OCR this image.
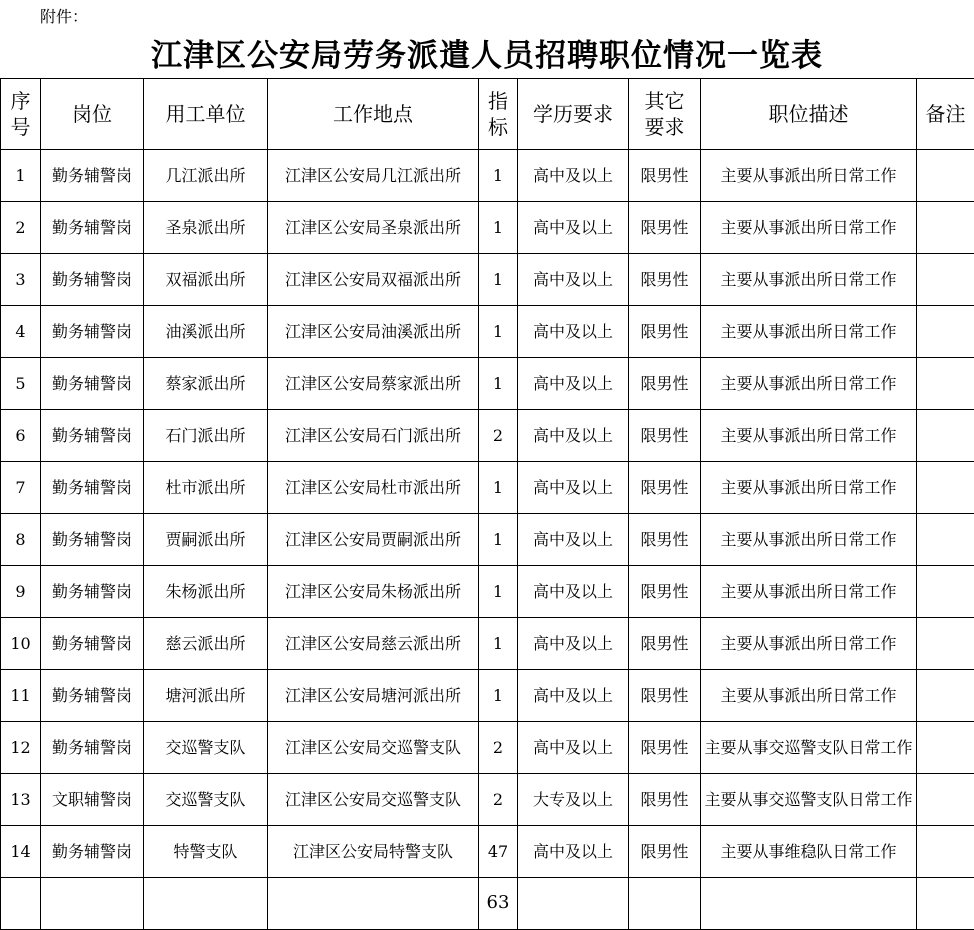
附件：
江津区公安局劳务派遣人员招聘职位情况一览表
序号	岗位	用工单位	工作地点	指标	学历要求	其它要求	职位描述	备注
1	勤务辅警岗	几江派出所	江津区公安局几江派出所	1	高中及以上	限男性	主要从事派出所日常工作	
2	勤务辅警岗	圣泉派出所	江津区公安局圣泉派出所	1	高中及以上	限男性	主要从事派出所日常工作	
3	勤务辅警岗	双福派出所	江津区公安局双福派出所	1	高中及以上	限男性	主要从事派出所日常工作	
4	勤务辅警岗	油溪派出所	江津区公安局油溪派出所	1	高中及以上	限男性	主要从事派出所日常工作	
5	勤务辅警岗	蔡家派出所	江津区公安局蔡家派出所	1	高中及以上	限男性	主要从事派出所日常工作	
6	勤务辅警岗	石门派出所	江津区公安局石门派出所	2	高中及以上	限男性	主要从事派出所日常工作	
7	勤务辅警岗	杜市派出所	江津区公安局杜市派出所	1	高中及以上	限男性	主要从事派出所日常工作	
8	勤务辅警岗	贾嗣派出所	江津区公安局贾嗣派出所	1	高中及以上	限男性	主要从事派出所日常工作	
9	勤务辅警岗	朱杨派出所	江津区公安局朱杨派出所	1	高中及以上	限男性	主要从事派出所日常工作	
10	勤务辅警岗	慈云派出所	江津区公安局慈云派出所	1	高中及以上	限男性	主要从事派出所日常工作	
11	勤务辅警岗	塘河派出所	江津区公安局塘河派出所	1	高中及以上	限男性	主要从事派出所日常工作	
12	勤务辅警岗	交巡警支队	江津区公安局交巡警支队	2	高中及以上	限男性	主要从事交巡警支队日常工作	
13	文职辅警岗	交巡警支队	江津区公安局交巡警支队	2	大专及以上	限男性	主要从事交巡警支队日常工作	
14	勤务辅警岗	特警支队	江津区公安局特警支队	47	高中及以上	限男性	主要从事维稳队日常工作	
				63				
